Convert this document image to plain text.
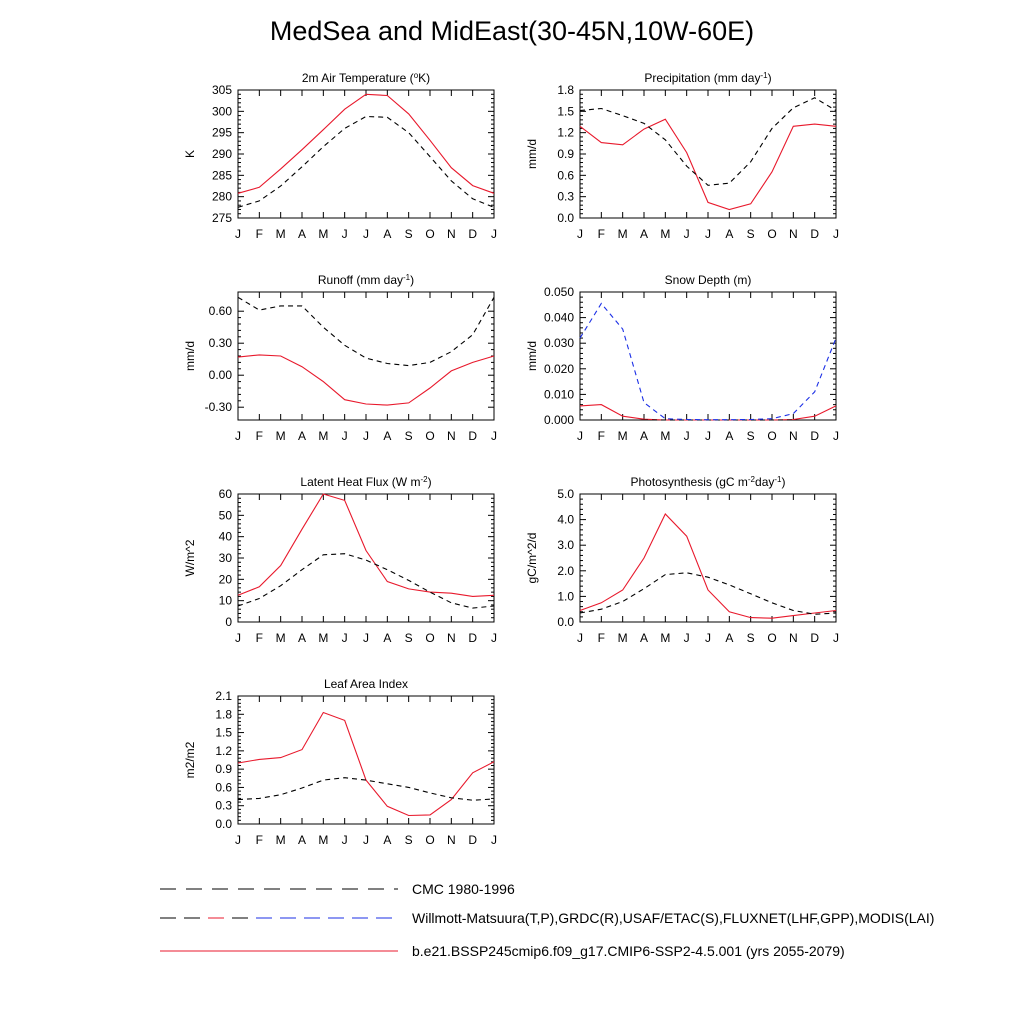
MedSea and MidEast(30-45N,10W-60E)
2m Air Temperature ($^o$K)
275
280
285
290
295
300
305
K
J F M A M J J A S O N D J
Precipitation (mm day$^{-1}$)
0.0
0.3
0.6
0.9
1.2
1.5
1.8
mm/d
J F M A M J J A S O N D J
Runoff (mm day$^{-1}$)
-0.30
0.00
0.30
0.60
mm/d
J F M A M J J A S O N D J
Snow Depth (m)
0.000
0.010
0.020
0.030
0.040
0.050
mm/d
J F M A M J J A S O N D J
Latent Heat Flux (W $m^{-2}$)
0
10
20
30
40
50
60
W/m^2
J F M A M J J A S O N D J
Photosynthesis (gC $m^{-2}day^{-1}$)
0.0
1.0
2.0
3.0
4.0
5.0
gC/m^2/d
J F M A M J J A S O N D J
Leaf Area Index
0.0
0.3
0.6
0.9
1.2
1.5
1.8
2.1
m2/m2
J F M A M J J A S O N D J
CMC 1980-1996
Willmott-Matsuura(T,P),GRDC(R),USAF/ETAC(S),FLUXNET(LHF,GPP),MODIS(LAI)
b.e21.BSSP245cmip6.f09_g17.CMIP6-SSP2-4.5.001 (yrs 2055-2079)
